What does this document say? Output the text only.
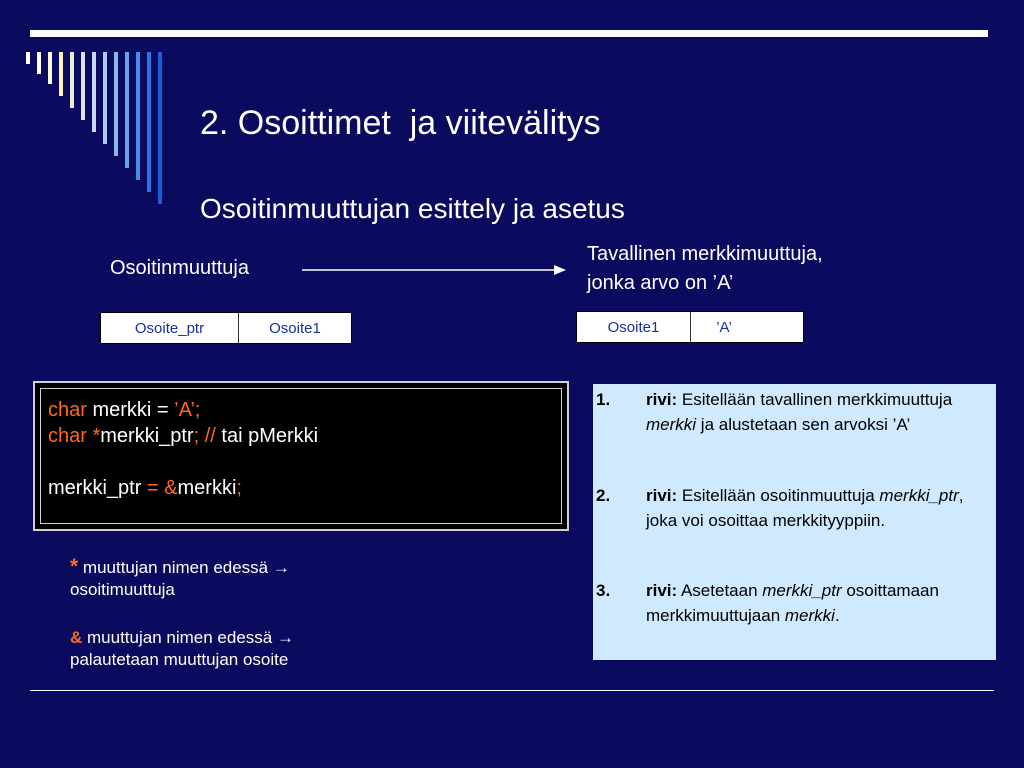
2. Osoittimet  ja viitevälitys
Osoitinmuuttujan esittely ja asetus
Osoitinmuuttuja
Tavallinen merkkimuuttuja,
jonka arvo on ’A’
Osoite_ptr	Osoite1	Osoite1	’A’
char merkki = ’A’;
char *merkki_ptr; // tai pMerkki
merkki_ptr = &merkki;
* muuttujan nimen edessä →
osoitimuuttuja
& muuttujan nimen edessä →
palautetaan muuttujan osoite
1. rivi: Esitellään tavallinen merkkimuuttuja merkki ja alustetaan sen arvoksi ’A’
2. rivi: Esitellään osoitinmuuttuja merkki_ptr, joka voi osoittaa merkkityyppiin.
3. rivi: Asetetaan merkki_ptr osoittamaan merkkimuuttujaan merkki.
